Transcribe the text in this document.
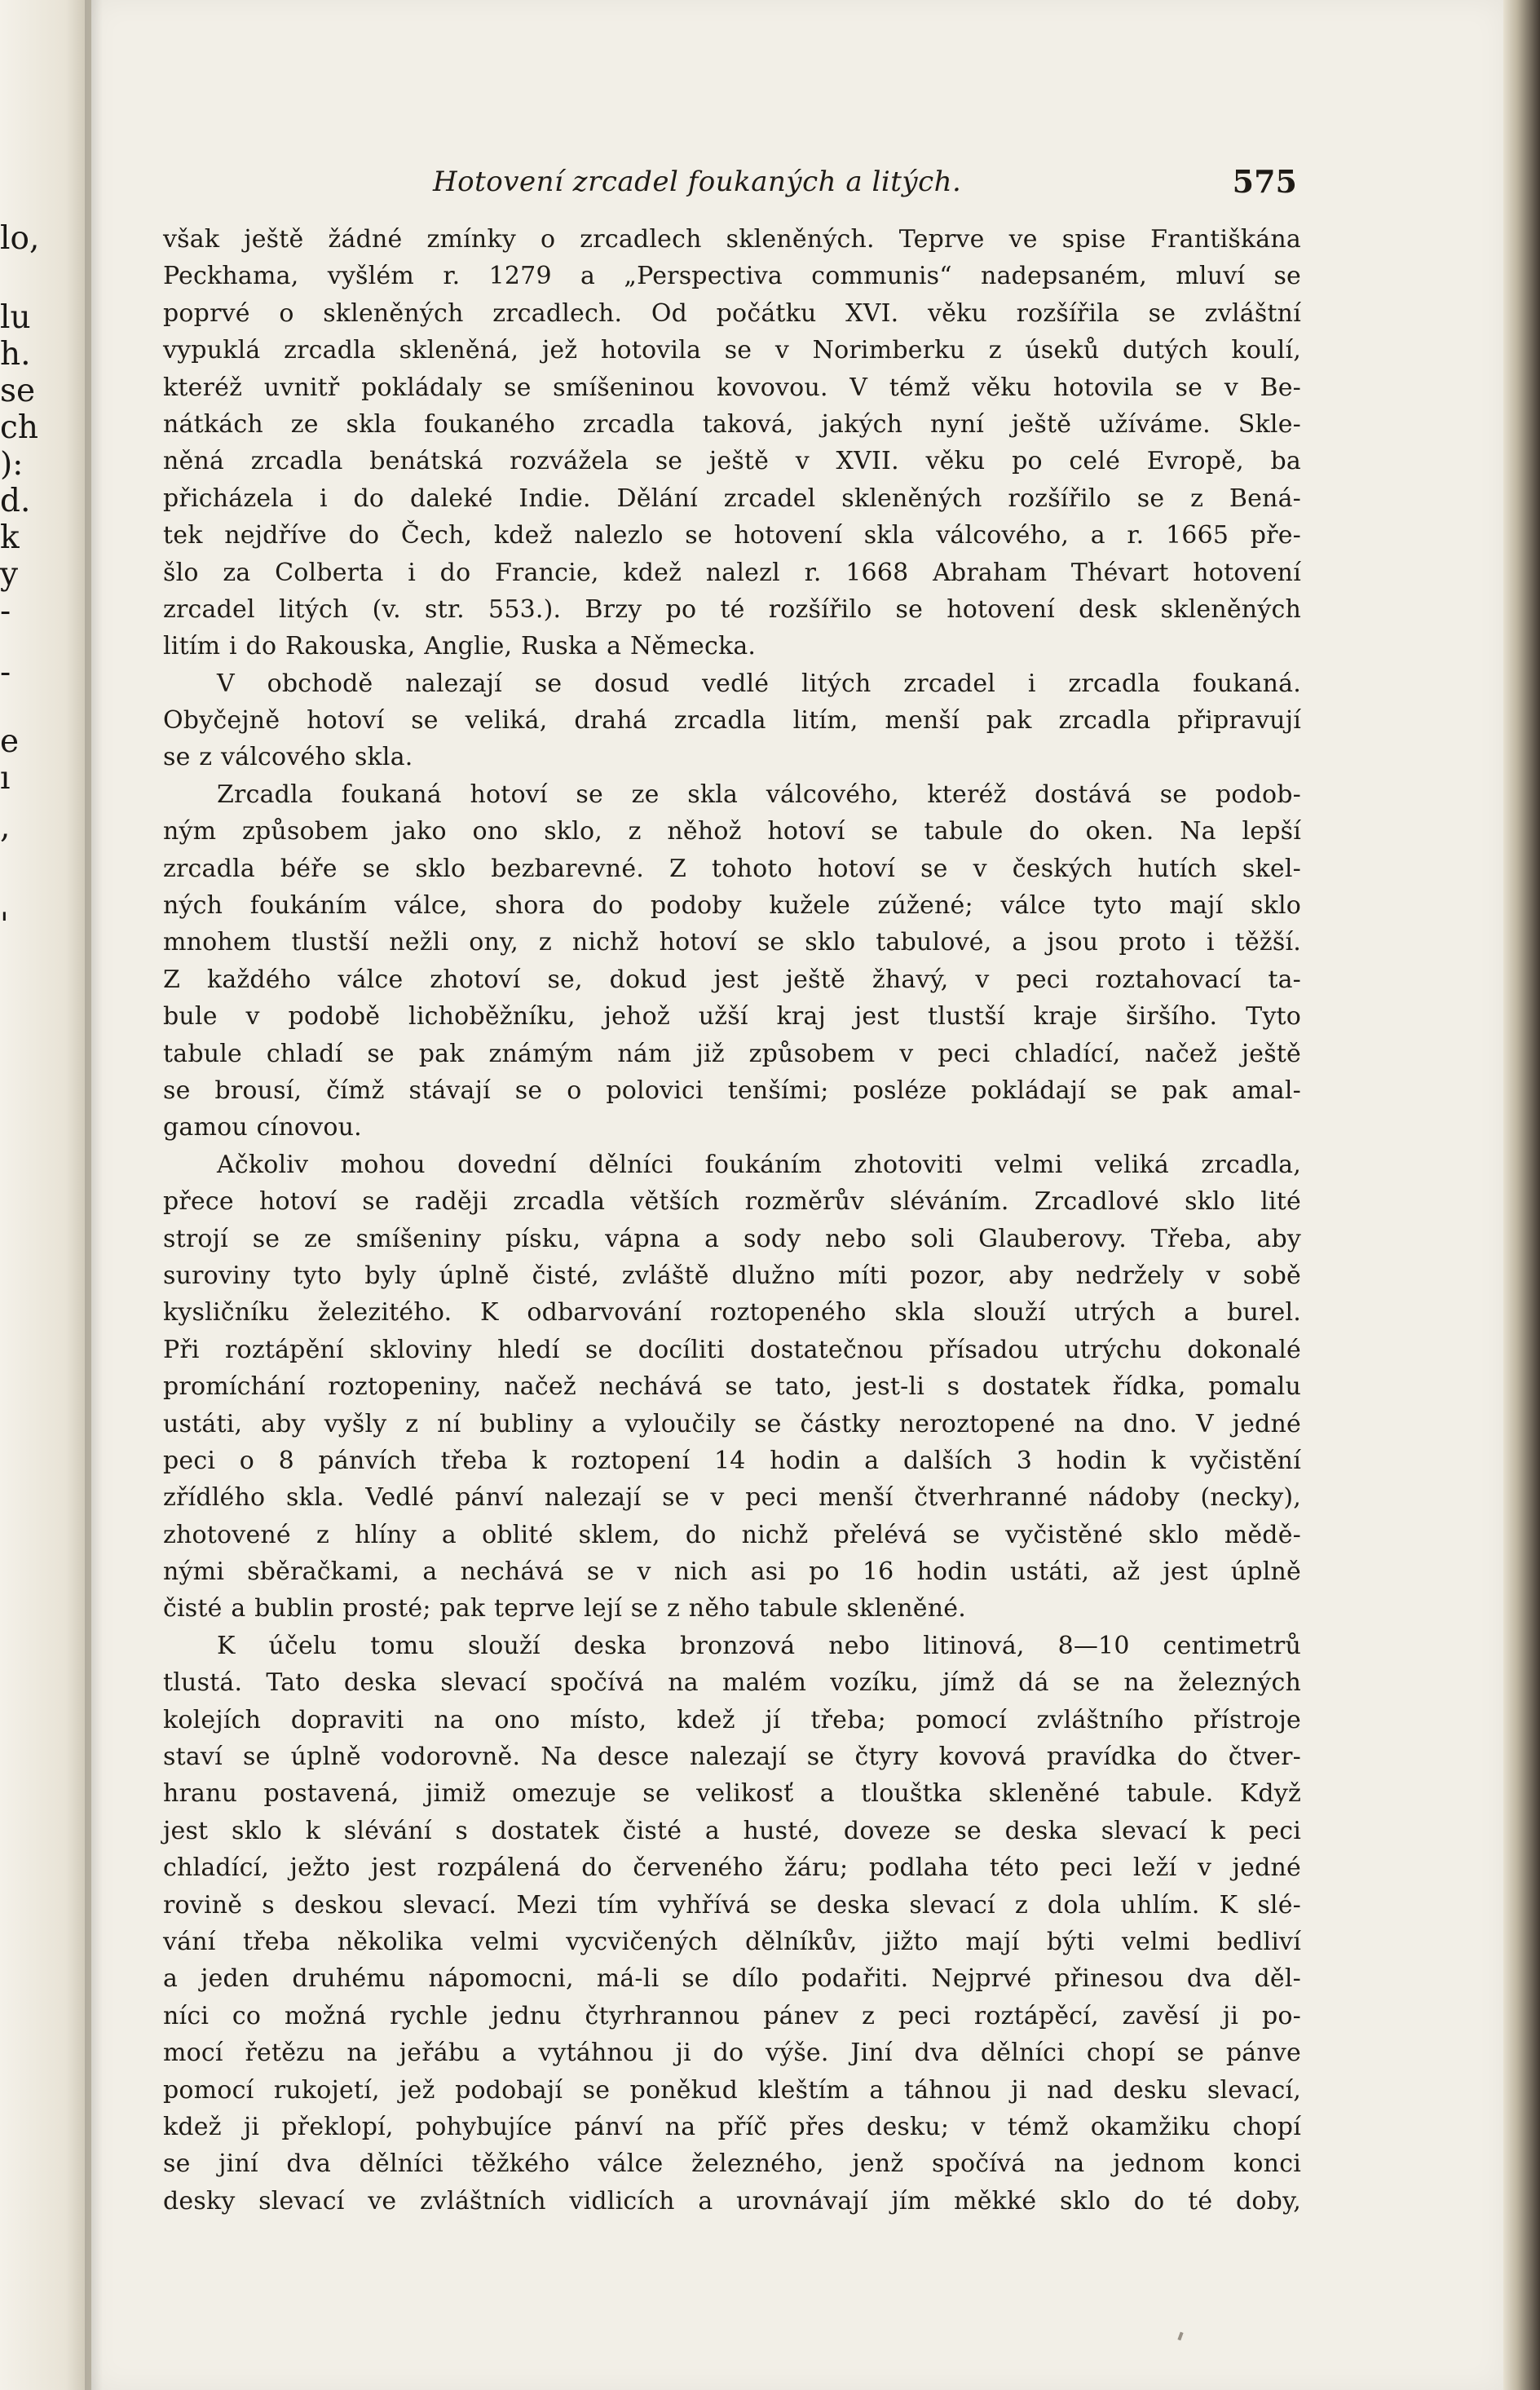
lo,
lu
h.
se
ch
):
d.
k
y
-
-
e
ı
,
'
Hotovení zrcadel foukaných a litých.	575
však ještě žádné zmínky o zrcadlech skleněných. Teprve ve spise Františkána
Peckhama, vyšlém r. 1279 a „Perspectiva communis“ nadepsaném, mluví se
poprvé o skleněných zrcadlech. Od počátku XVI. věku rozšířila se zvláštní
vypuklá zrcadla skleněná, jež hotovila se v Norimberku z úseků dutých koulí,
kteréž uvnitř pokládaly se smíšeninou kovovou. V témž věku hotovila se v Be-
nátkách ze skla foukaného zrcadla taková, jakých nyní ještě užíváme. Skle-
něná zrcadla benátská rozvážela se ještě v XVII. věku po celé Evropě, ba
přicházela i do daleké Indie. Dělání zrcadel skleněných rozšířilo se z Bená-
tek nejdříve do Čech, kdež nalezlo se hotovení skla válcového, a r. 1665 pře-
šlo za Colberta i do Francie, kdež nalezl r. 1668 Abraham Thévart hotovení
zrcadel litých (v. str. 553.). Brzy po té rozšířilo se hotovení desk skleněných
litím i do Rakouska, Anglie, Ruska a Německa.
V obchodě nalezají se dosud vedlé litých zrcadel i zrcadla foukaná.
Obyčejně hotoví se veliká, drahá zrcadla litím, menší pak zrcadla připravují
se z válcového skla.
Zrcadla foukaná hotoví se ze skla válcového, kteréž dostává se podob-
ným způsobem jako ono sklo, z něhož hotoví se tabule do oken. Na lepší
zrcadla béře se sklo bezbarevné. Z tohoto hotoví se v českých hutích skel-
ných foukáním válce, shora do podoby kužele zúžené; válce tyto mají sklo
mnohem tlustší nežli ony, z nichž hotoví se sklo tabulové, a jsou proto i těžší.
Z každého válce zhotoví se, dokud jest ještě žhavý, v peci roztahovací ta-
bule v podobě lichoběžníku, jehož užší kraj jest tlustší kraje širšího. Tyto
tabule chladí se pak známým nám již způsobem v peci chladící, načež ještě
se brousí, čímž stávají se o polovici tenšími; posléze pokládají se pak amal-
gamou cínovou.
Ačkoliv mohou dovední dělníci foukáním zhotoviti velmi veliká zrcadla,
přece hotoví se raději zrcadla větších rozměrův sléváním. Zrcadlové sklo lité
strojí se ze smíšeniny písku, vápna a sody nebo soli Glauberovy. Třeba, aby
suroviny tyto byly úplně čisté, zvláště dlužno míti pozor, aby nedržely v sobě
kysličníku železitého. K odbarvování roztopeného skla slouží utrých a burel.
Při roztápění skloviny hledí se docíliti dostatečnou přísadou utrýchu dokonalé
promíchání roztopeniny, načež nechává se tato, jest-li s dostatek řídka, pomalu
ustáti, aby vyšly z ní bubliny a vyloučily se částky neroztopené na dno. V jedné
peci o 8 pánvích třeba k roztopení 14 hodin a dalších 3 hodin k vyčistění
zřídlého skla. Vedlé pánví nalezají se v peci menší čtverhranné nádoby (necky),
zhotovené z hlíny a oblité sklem, do nichž přelévá se vyčistěné sklo mědě-
nými sběračkami, a nechává se v nich asi po 16 hodin ustáti, až jest úplně
čisté a bublin prosté; pak teprve lejí se z něho tabule skleněné.
K účelu tomu slouží deska bronzová nebo litinová, 8—10 centimetrů
tlustá. Tato deska slevací spočívá na malém vozíku, jímž dá se na železných
kolejích dopraviti na ono místo, kdež jí třeba; pomocí zvláštního přístroje
staví se úplně vodorovně. Na desce nalezají se čtyry kovová pravídka do čtver-
hranu postavená, jimiž omezuje se velikosť a tlouštka skleněné tabule. Když
jest sklo k slévání s dostatek čisté a husté, doveze se deska slevací k peci
chladící, ježto jest rozpálená do červeného žáru; podlaha této peci leží v jedné
rovině s deskou slevací. Mezi tím vyhřívá se deska slevací z dola uhlím. K slé-
vání třeba několika velmi vycvičených dělníkův, jižto mají býti velmi bedliví
a jeden druhému nápomocni, má-li se dílo podařiti. Nejprvé přinesou dva děl-
níci co možná rychle jednu čtyrhrannou pánev z peci roztápěcí, zavěsí ji po-
mocí řetězu na jeřábu a vytáhnou ji do výše. Jiní dva dělníci chopí se pánve
pomocí rukojetí, jež podobají se poněkud kleštím a táhnou ji nad desku slevací,
kdež ji překlopí, pohybujíce pánví na příč přes desku; v témž okamžiku chopí
se jiní dva dělníci těžkého válce železného, jenž spočívá na jednom konci
desky slevací ve zvláštních vidlicích a urovnávají jím měkké sklo do té doby,
